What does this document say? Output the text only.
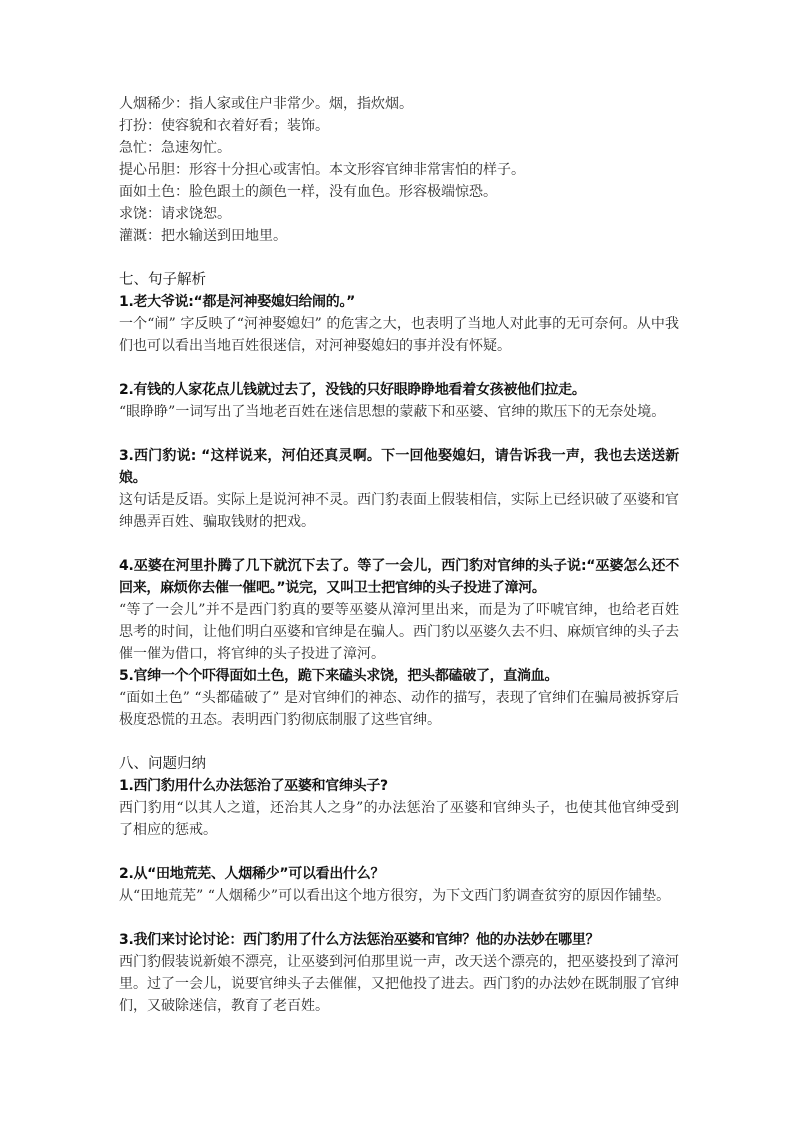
人烟稀少：指人家或住户非常少。烟，指炊烟。

打扮：使容貌和衣着好看；装饰。

急忙：急速匆忙。

提心吊胆：形容十分担心或害怕。本文形容官绅非常害怕的样子。

面如土色：脸色跟土的颜色一样，没有血色。形容极端惊恐。

求饶：请求饶恕。

灌溉：把水输送到田地里。

七、句子解析

1.老大爷说:“都是河神娶媳妇给闹的。”

一个“闹” 字反映了“河神娶媳妇” 的危害之大，也表明了当地人对此事的无可奈何。从中我们也可以看出当地百姓很迷信，对河神娶媳妇的事并没有怀疑。

2.有钱的人家花点儿钱就过去了，没钱的只好眼睁睁地看着女孩被他们拉走。

“眼睁睁”一词写出了当地老百姓在迷信思想的蒙蔽下和巫婆、官绅的欺压下的无奈处境。

3.西门豹说: “这样说来，河伯还真灵啊。下一回他娶媳妇，请告诉我一声，我也去送送新娘。

这句话是反语。实际上是说河神不灵。西门豹表面上假装相信，实际上已经识破了巫婆和官绅愚弄百姓、骗取钱财的把戏。

4.巫婆在河里扑腾了几下就沉下去了。等了一会儿，西门豹对官绅的头子说:“巫婆怎么还不回来，麻烦你去催一催吧。”说完，又叫卫士把官绅的头子投进了漳河。

“等了一会儿”并不是西门豹真的要等巫婆从漳河里出来，而是为了吓唬官绅，也给老百姓思考的时间，让他们明白巫婆和官绅是在骗人。西门豹以巫婆久去不归、麻烦官绅的头子去催一催为借口，将官绅的头子投进了漳河。

5.官绅一个个吓得面如土色，跪下来磕头求饶，把头都磕破了，直淌血。

“面如土色” “头都磕破了” 是对官绅们的神态、动作的描写，表现了官绅们在骗局被拆穿后极度恐慌的丑态。表明西门豹彻底制服了这些官绅。

八、问题归纳

1.西门豹用什么办法惩治了巫婆和官绅头子?

西门豹用“以其人之道，还治其人之身”的办法惩治了巫婆和官绅头子，也使其他官绅受到了相应的惩戒。

2.从“田地荒芜、人烟稀少”可以看出什么？

从“田地荒芜” “人烟稀少”可以看出这个地方很穷，为下文西门豹调查贫穷的原因作铺垫。

3.我们来讨论讨论：西门豹用了什么方法惩治巫婆和官绅？他的办法妙在哪里？

西门豹假装说新娘不漂亮，让巫婆到河伯那里说一声，改天送个漂亮的，把巫婆投到了漳河里。过了一会儿，说要官绅头子去催催，又把他投了进去。西门豹的办法妙在既制服了官绅们，又破除迷信，教育了老百姓。
